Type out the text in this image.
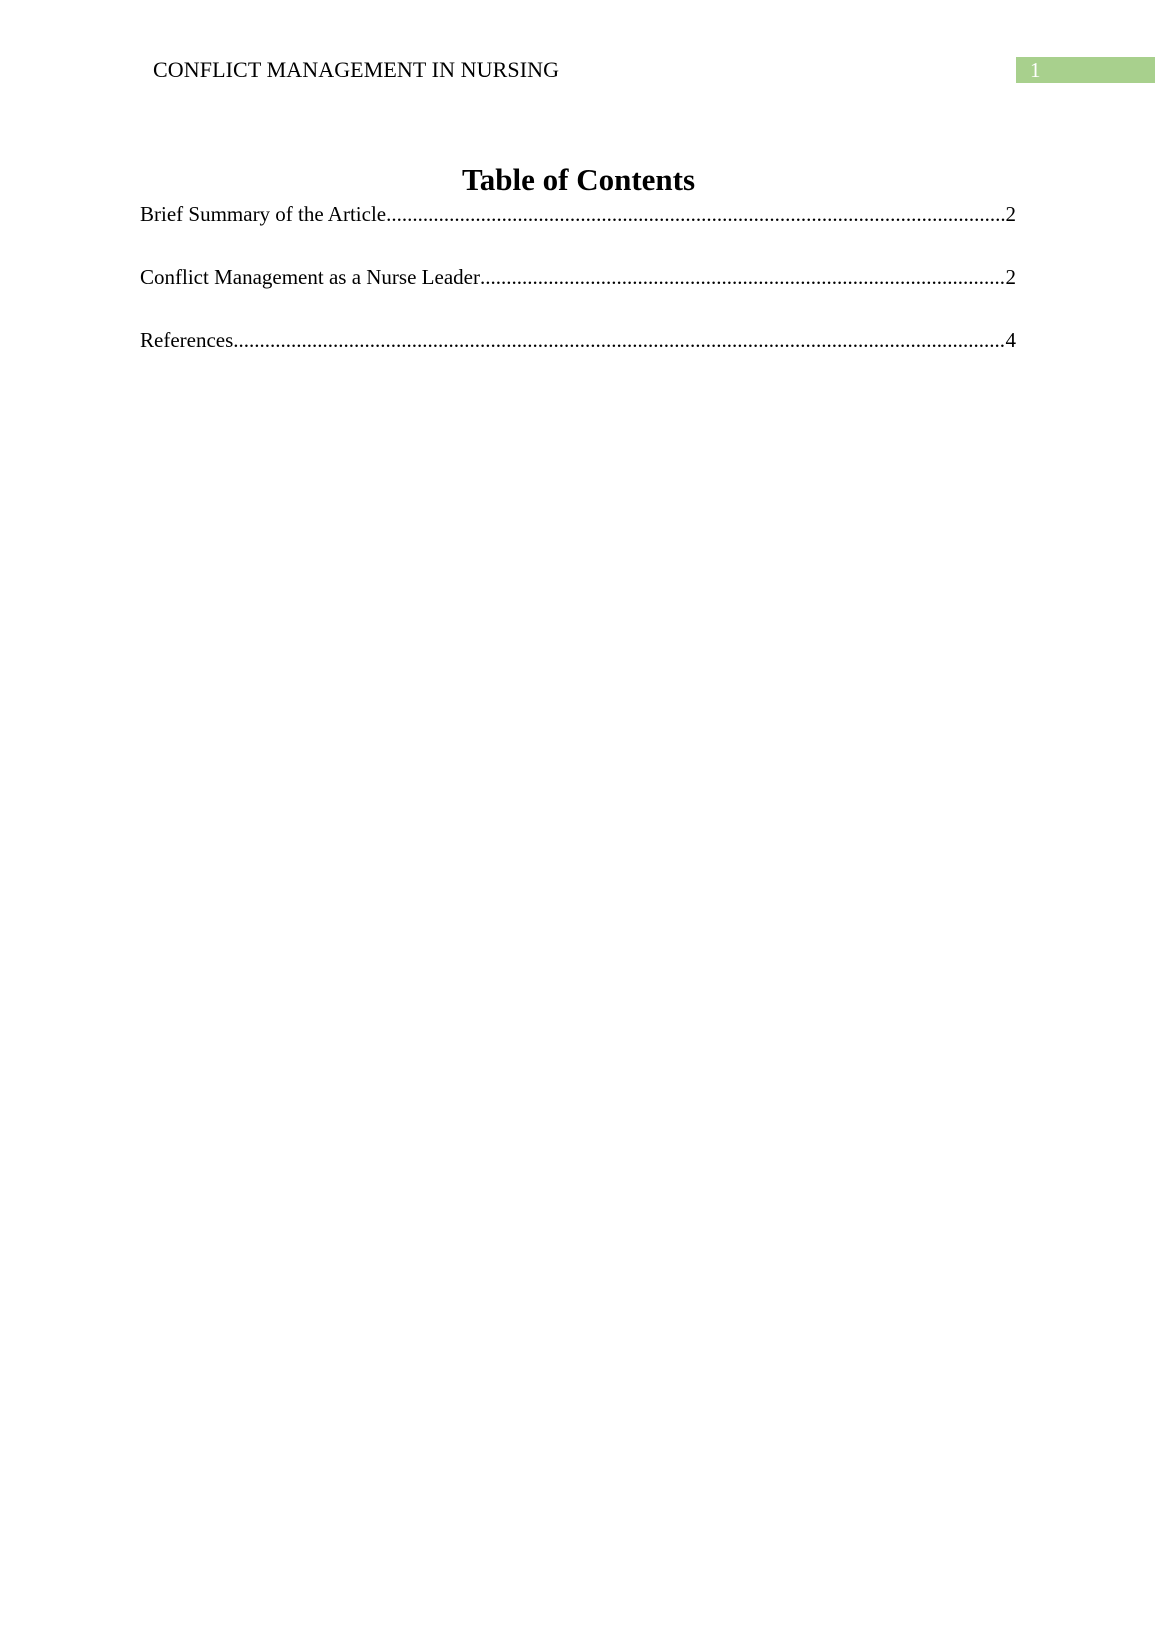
CONFLICT MANAGEMENT IN NURSING	1
Table of Contents
Brief Summary of the Article .....	2
Conflict Management as a Nurse Leader .....	2
References .....	4
